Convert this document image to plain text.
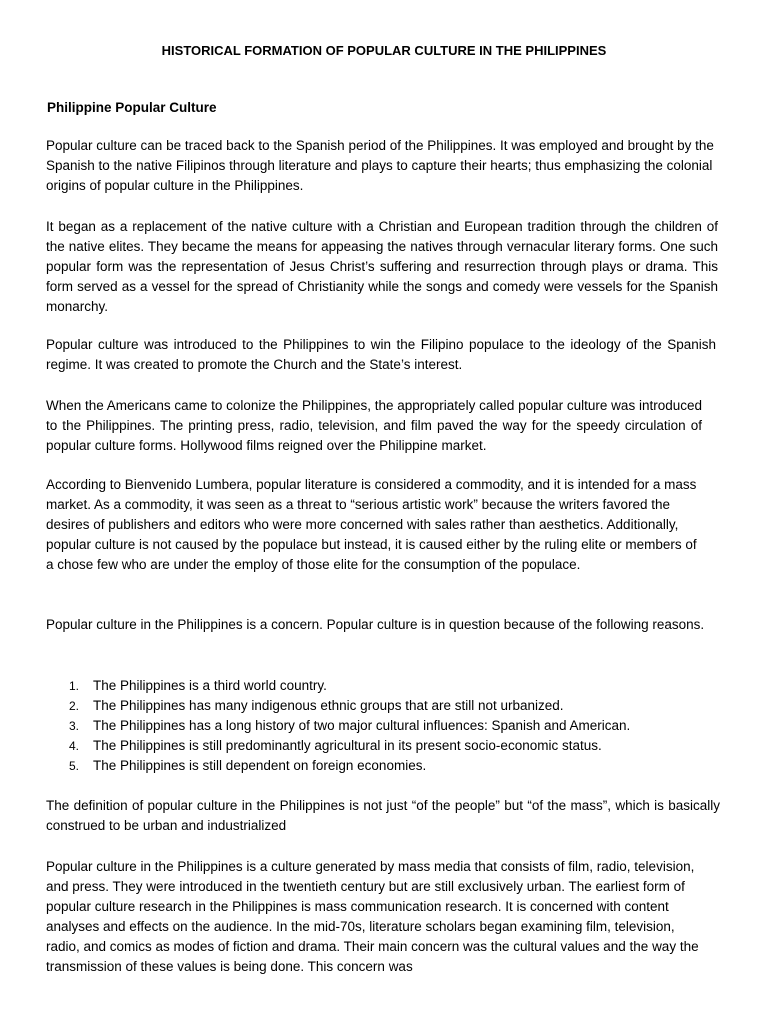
HISTORICAL FORMATION OF POPULAR CULTURE IN THE PHILIPPINES
Philippine Popular Culture

Popular culture can be traced back to the Spanish period of the Philippines. It was employed and brought by the Spanish to the native Filipinos through literature and plays to capture their hearts; thus emphasizing the colonial origins of popular culture in the Philippines.

It began as a replacement of the native culture with a Christian and European tradition through the children of the native elites. They became the means for appeasing the natives through vernacular literary forms. One such popular form was the representation of Jesus Christ’s suffering and resurrection through plays or drama. This form served as a vessel for the spread of Christianity while the songs and comedy were vessels for the Spanish monarchy.

Popular culture was introduced to the Philippines to win the Filipino populace to the ideology of the Spanish regime. It was created to promote the Church and the State’s interest.

When the Americans came to colonize the Philippines, the appropriately called popular culture was introduced to the Philippines. The printing press, radio, television, and film paved the way for the speedy circulation of popular culture forms. Hollywood films reigned over the Philippine market.

According to Bienvenido Lumbera, popular literature is considered a commodity, and it is intended for a mass market. As a commodity, it was seen as a threat to “serious artistic work” because the writers favored the desires of publishers and editors who were more concerned with sales rather than aesthetics. Additionally, popular culture is not caused by the populace but instead, it is caused either by the ruling elite or members of a chose few who are under the employ of those elite for the consumption of the populace.

Popular culture in the Philippines is a concern. Popular culture is in question because of the following reasons.

1. The Philippines is a third world country.
2. The Philippines has many indigenous ethnic groups that are still not urbanized.
3. The Philippines has a long history of two major cultural influences: Spanish and American.
4. The Philippines is still predominantly agricultural in its present socio-economic status.
5. The Philippines is still dependent on foreign economies.

The definition of popular culture in the Philippines is not just “of the people” but “of the mass”, which is basically construed to be urban and industrialized

Popular culture in the Philippines is a culture generated by mass media that consists of film, radio, television, and press. They were introduced in the twentieth century but are still exclusively urban. The earliest form of popular culture research in the Philippines is mass communication research. It is concerned with content analyses and effects on the audience. In the mid-70s, literature scholars began examining film, television, radio, and comics as modes of fiction and drama. Their main concern was the cultural values and the way the transmission of these values is being done. This concern was
